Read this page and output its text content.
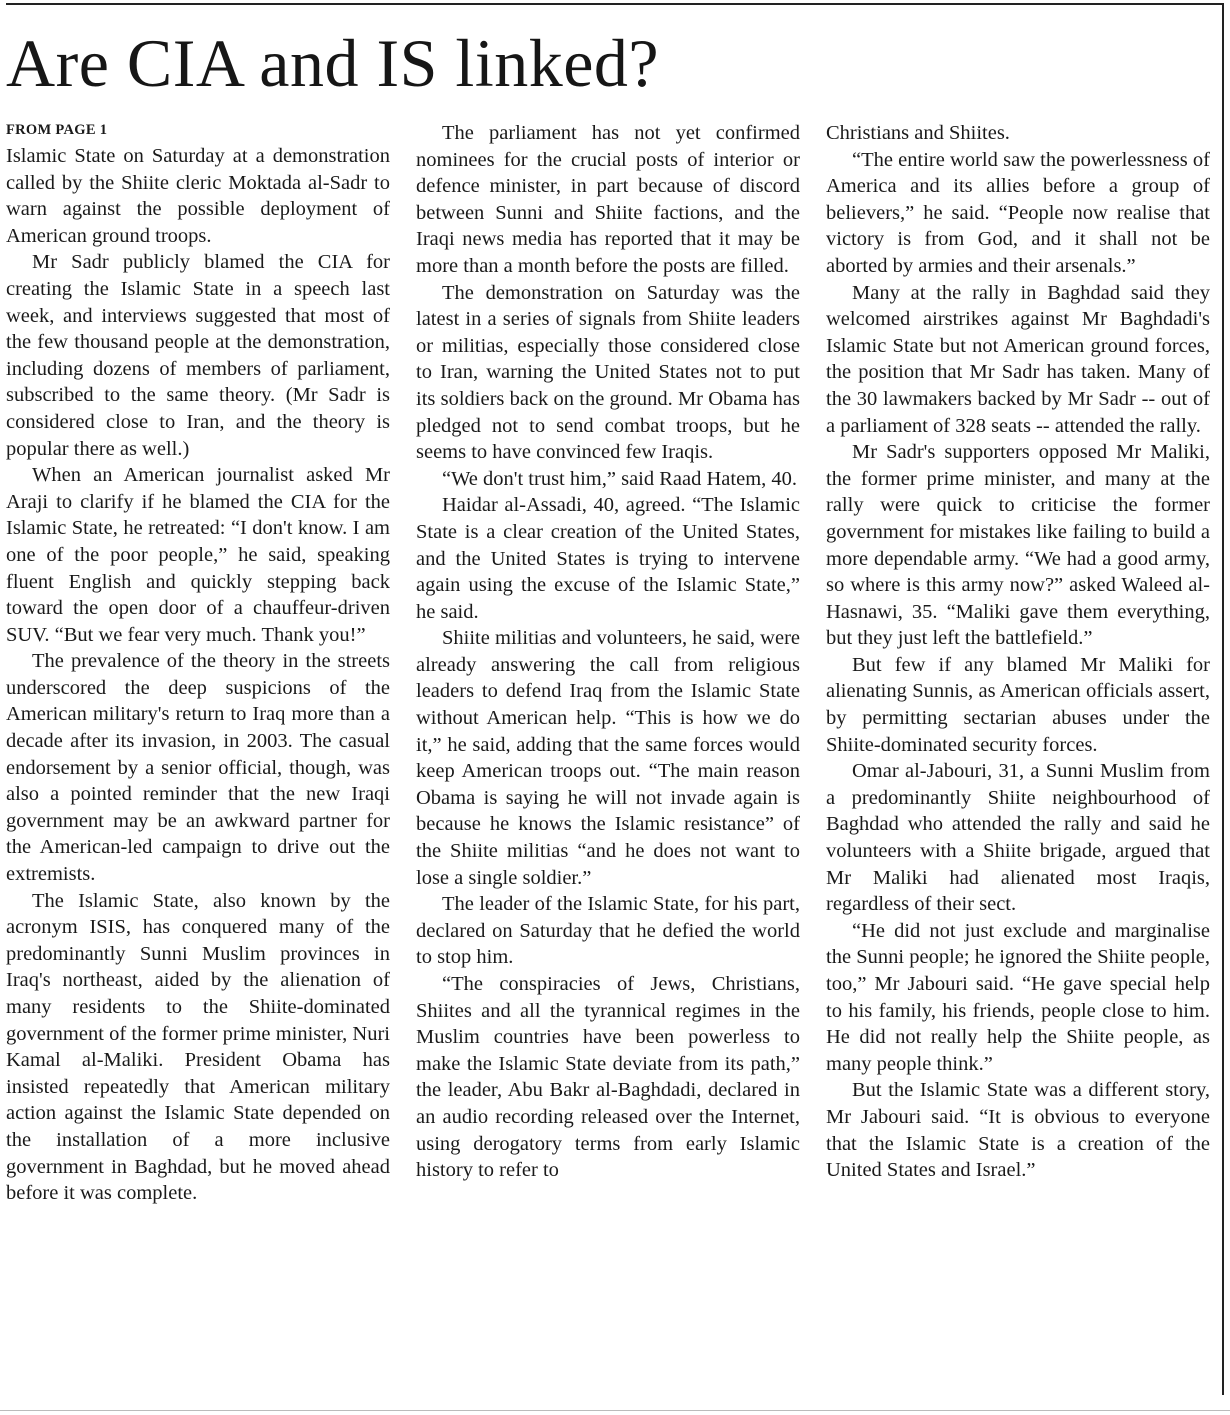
Are CIA and IS linked?
FROM PAGE 1

Islamic State on Saturday at a demonstration called by the Shiite cleric Moktada al-Sadr to warn against the possible deployment of American ground troops.

Mr Sadr publicly blamed the CIA for creating the Islamic State in a speech last week, and interviews suggested that most of the few thousand people at the demonstration, including dozens of members of parliament, subscribed to the same theory. (Mr Sadr is considered close to Iran, and the theory is popular there as well.)

When an American journalist asked Mr Araji to clarify if he blamed the CIA for the Islamic State, he retreated: “I don't know. I am one of the poor people,” he said, speaking fluent English and quickly stepping back toward the open door of a chauffeur-driven SUV. “But we fear very much. Thank you!”

The prevalence of the theory in the streets underscored the deep suspicions of the American military's return to Iraq more than a decade after its invasion, in 2003. The casual endorsement by a senior official, though, was also a pointed reminder that the new Iraqi government may be an awkward partner for the American-led campaign to drive out the extremists.

The Islamic State, also known by the acronym ISIS, has conquered many of the predominantly Sunni Muslim provinces in Iraq's northeast, aided by the alienation of many residents to the Shiite-dominated government of the former prime minister, Nuri Kamal al-Maliki. President Obama has insisted repeatedly that American military action against the Islamic State depended on the installation of a more inclusive government in Baghdad, but he moved ahead before it was complete.

The parliament has not yet confirmed nominees for the crucial posts of interior or defence minister, in part because of discord between Sunni and Shiite factions, and the Iraqi news media has reported that it may be more than a month before the posts are filled.

The demonstration on Saturday was the latest in a series of signals from Shiite leaders or militias, especially those considered close to Iran, warning the United States not to put its soldiers back on the ground. Mr Obama has pledged not to send combat troops, but he seems to have convinced few Iraqis.

“We don't trust him,” said Raad Hatem, 40.

Haidar al-Assadi, 40, agreed. “The Islamic State is a clear creation of the United States, and the United States is trying to intervene again using the excuse of the Islamic State,” he said.

Shiite militias and volunteers, he said, were already answering the call from religious leaders to defend Iraq from the Islamic State without American help. “This is how we do it,” he said, adding that the same forces would keep American troops out. “The main reason Obama is saying he will not invade again is because he knows the Islamic resistance” of the Shiite militias “and he does not want to lose a single soldier.”

The leader of the Islamic State, for his part, declared on Saturday that he defied the world to stop him.

“The conspiracies of Jews, Christians, Shiites and all the tyrannical regimes in the Muslim countries have been powerless to make the Islamic State deviate from its path,” the leader, Abu Bakr al-Baghdadi, declared in an audio recording released over the Internet, using derogatory terms from early Islamic history to refer to

Christians and Shiites.

“The entire world saw the powerlessness of America and its allies before a group of believers,” he said. “People now realise that victory is from God, and it shall not be aborted by armies and their arsenals.”

Many at the rally in Baghdad said they welcomed airstrikes against Mr Baghdadi's Islamic State but not American ground forces, the position that Mr Sadr has taken. Many of the 30 lawmakers backed by Mr Sadr -- out of a parliament of 328 seats -- attended the rally.

Mr Sadr's supporters opposed Mr Maliki, the former prime minister, and many at the rally were quick to criticise the former government for mistakes like failing to build a more dependable army. “We had a good army, so where is this army now?” asked Waleed al-Hasnawi, 35. “Maliki gave them everything, but they just left the battlefield.”

But few if any blamed Mr Maliki for alienating Sunnis, as American officials assert, by permitting sectarian abuses under the Shiite-dominated security forces.

Omar al-Jabouri, 31, a Sunni Muslim from a predominantly Shiite neighbourhood of Baghdad who attended the rally and said he volunteers with a Shiite brigade, argued that Mr Maliki had alienated most Iraqis, regardless of their sect.

“He did not just exclude and marginalise the Sunni people; he ignored the Shiite people, too,” Mr Jabouri said. “He gave special help to his family, his friends, people close to him. He did not really help the Shiite people, as many people think.”

But the Islamic State was a different story, Mr Jabouri said. “It is obvious to everyone that the Islamic State is a creation of the United States and Israel.”
